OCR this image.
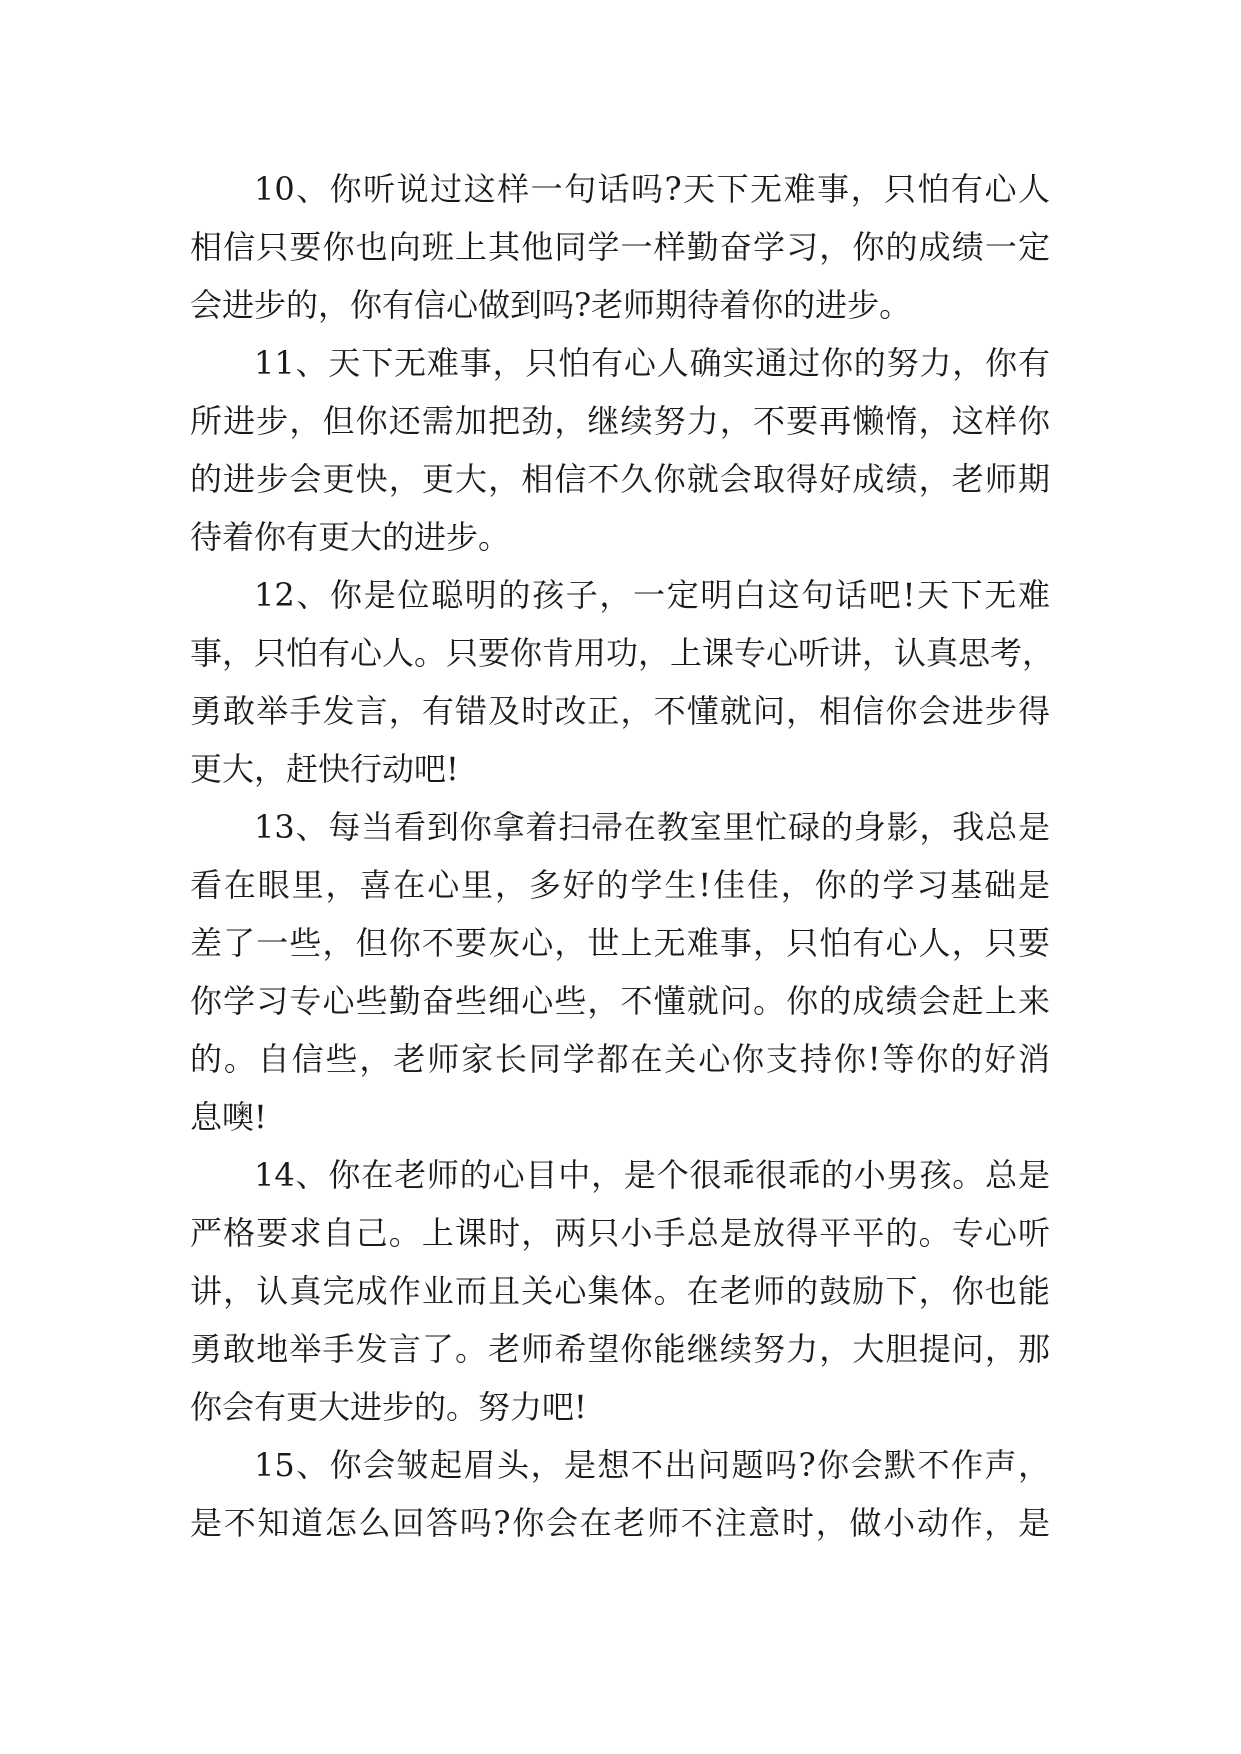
10、你听说过这样一句话吗?天下无难事，只怕有心人
相信只要你也向班上其他同学一样勤奋学习，你的成绩一定
会进步的，你有信心做到吗?老师期待着你的进步。
11、天下无难事，只怕有心人确实通过你的努力，你有
所进步，但你还需加把劲，继续努力，不要再懒惰，这样你
的进步会更快，更大，相信不久你就会取得好成绩，老师期
待着你有更大的进步。
12、你是位聪明的孩子，一定明白这句话吧!天下无难
事，只怕有心人。只要你肯用功，上课专心听讲，认真思考，
勇敢举手发言，有错及时改正，不懂就问，相信你会进步得
更大，赶快行动吧!
13、每当看到你拿着扫帚在教室里忙碌的身影，我总是
看在眼里，喜在心里，多好的学生!佳佳，你的学习基础是
差了一些，但你不要灰心，世上无难事，只怕有心人，只要
你学习专心些勤奋些细心些，不懂就问。你的成绩会赶上来
的。自信些，老师家长同学都在关心你支持你!等你的好消
息噢!
14、你在老师的心目中，是个很乖很乖的小男孩。总是
严格要求自己。上课时，两只小手总是放得平平的。专心听
讲，认真完成作业而且关心集体。在老师的鼓励下，你也能
勇敢地举手发言了。老师希望你能继续努力，大胆提问，那
你会有更大进步的。努力吧!
15、你会皱起眉头，是想不出问题吗?你会默不作声，
是不知道怎么回答吗?你会在老师不注意时，做小动作，是
